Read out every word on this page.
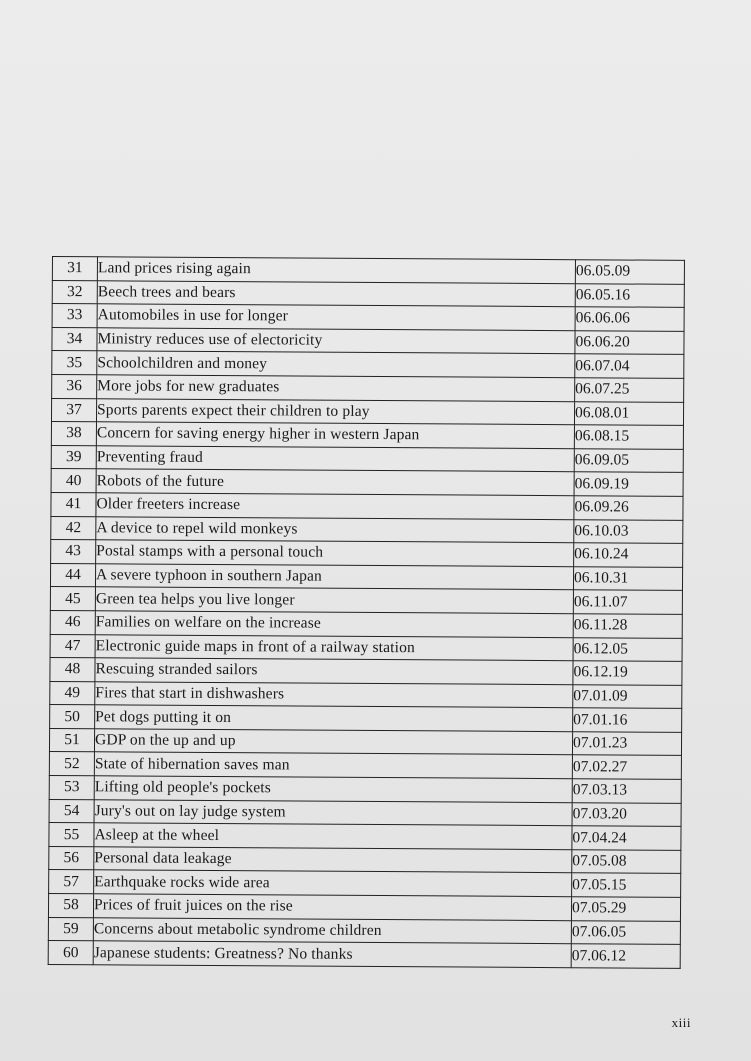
31	Land prices rising again	06.05.09
32	Beech trees and bears	06.05.16
33	Automobiles in use for longer	06.06.06
34	Ministry reduces use of electoricity	06.06.20
35	Schoolchildren and money	06.07.04
36	More jobs for new graduates	06.07.25
37	Sports parents expect their children to play	06.08.01
38	Concern for saving energy higher in western Japan	06.08.15
39	Preventing fraud	06.09.05
40	Robots of the future	06.09.19
41	Older freeters increase	06.09.26
42	A device to repel wild monkeys	06.10.03
43	Postal stamps with a personal touch	06.10.24
44	A severe typhoon in southern Japan	06.10.31
45	Green tea helps you live longer	06.11.07
46	Families on welfare on the increase	06.11.28
47	Electronic guide maps in front of a railway station	06.12.05
48	Rescuing stranded sailors	06.12.19
49	Fires that start in dishwashers	07.01.09
50	Pet dogs putting it on	07.01.16
51	GDP on the up and up	07.01.23
52	State of hibernation saves man	07.02.27
53	Lifting old people's pockets	07.03.13
54	Jury's out on lay judge system	07.03.20
55	Asleep at the wheel	07.04.24
56	Personal data leakage	07.05.08
57	Earthquake rocks wide area	07.05.15
58	Prices of fruit juices on the rise	07.05.29
59	Concerns about metabolic syndrome children	07.06.05
60	Japanese students: Greatness? No thanks	07.06.12
xiii
